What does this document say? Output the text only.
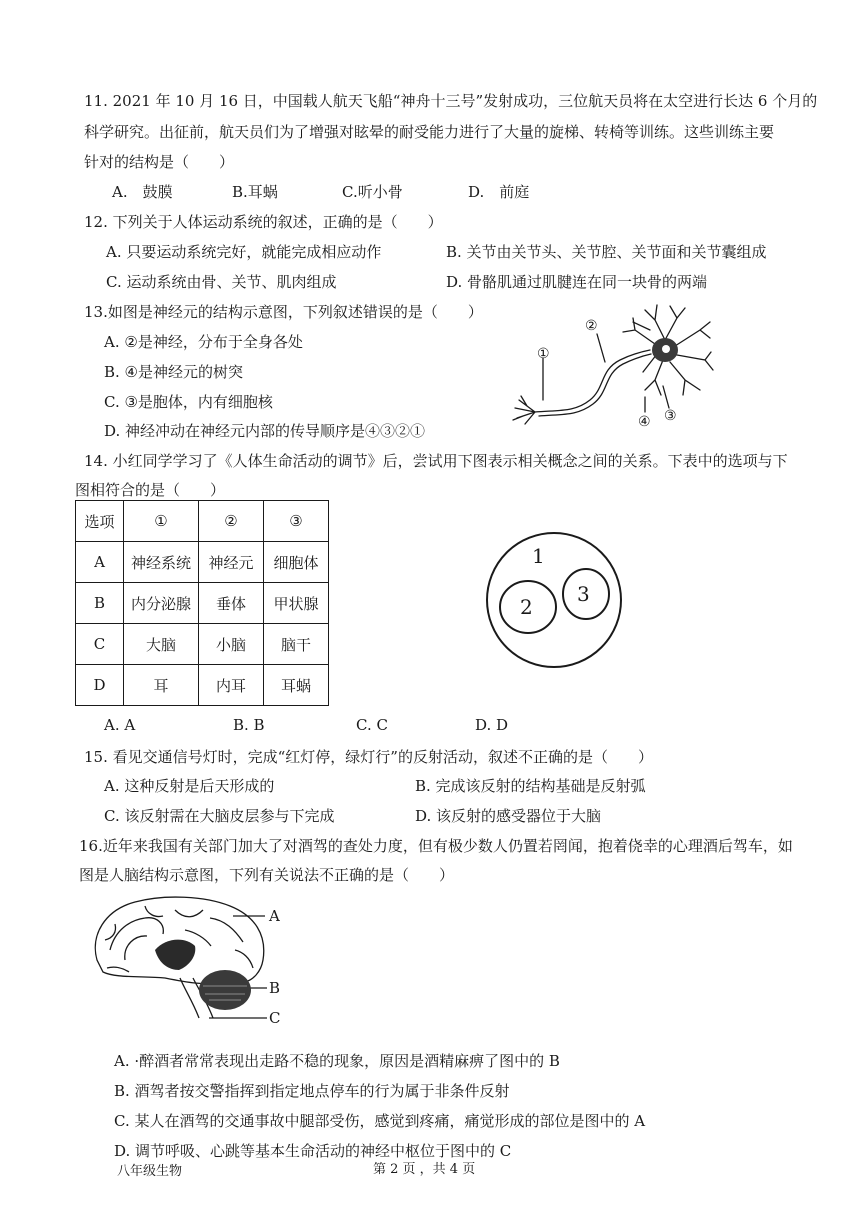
11. 2021 年 10 月 16 日，中国载人航天飞船“神舟十三号”发射成功，三位航天员将在太空进行长达 6 个月的
科学研究。出征前，航天员们为了增强对眩晕的耐受能力进行了大量的旋梯、转椅等训练。这些训练主要
针对的结构是（　　）
A.　鼓膜	B.耳蜗	C.听小骨	D.　前庭
12. 下列关于人体运动系统的叙述，正确的是（　　）
A. 只要运动系统完好，就能完成相应动作	B. 关节由关节头、关节腔、关节面和关节囊组成
C. 运动系统由骨、关节、肌肉组成	D. 骨骼肌通过肌腱连在同一块骨的两端
13.如图是神经元的结构示意图，下列叙述错误的是（　　）
A. ②是神经，分布于全身各处
B. ④是神经元的树突
C. ③是胞体，内有细胞核
D. 神经冲动在神经元内部的传导顺序是④③②①
①
②
④ ③
14. 小红同学学习了《人体生命活动的调节》后，尝试用下图表示相关概念之间的关系。下表中的选项与下
图相符合的是（　　）
选项	①	②	③
A	神经系统	神经元	细胞体
B	内分泌腺	垂体	甲状腺
C	大脑	小脑	脑干
D	耳	内耳	耳蜗
1
2
3
A. A	B. B	C. C	D. D
15. 看见交通信号灯时，完成“红灯停，绿灯行”的反射活动，叙述不正确的是（　　）
A. 这种反射是后天形成的	B. 完成该反射的结构基础是反射弧
C. 该反射需在大脑皮层参与下完成	D. 该反射的感受器位于大脑
16.近年来我国有关部门加大了对酒驾的查处力度，但有极少数人仍置若罔闻，抱着侥幸的心理酒后驾车，如
图是人脑结构示意图，下列有关说法不正确的是（　　）
A
B
C
A. ·醉酒者常常表现出走路不稳的现象，原因是酒精麻痹了图中的 B
B. 酒驾者按交警指挥到指定地点停车的行为属于非条件反射
C. 某人在酒驾的交通事故中腿部受伤，感觉到疼痛，痛觉形成的部位是图中的 A
D. 调节呼吸、心跳等基本生命活动的神经中枢位于图中的 C
八年级生物	第 2 页 ，共 4 页
